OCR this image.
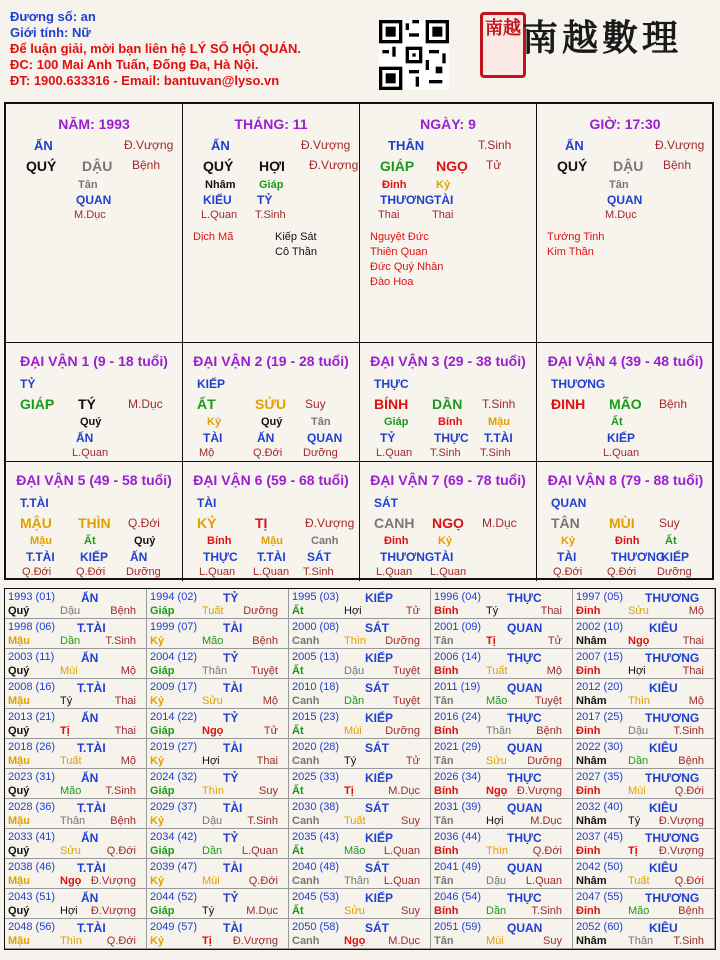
Đương số: an
Giới tính: Nữ
Để luận giải, mời bạn liên hệ LÝ SỐ HỘI QUÁN.
ĐC: 100 Mai Anh Tuấn, Đống Đa, Hà Nội.
ĐT: 1900.633316 - Email: bantuvan@lyso.vn
南越 南越數理
NĂM: 1993
ẤN	Đ.Vượng
QUÝ DẬU Bệnh
Tân
QUAN
M.Dục
THÁNG: 11
ẤN	Đ.Vượng
QUÝ HỢI Đ.Vượng
Nhâm
KIẾU
L.Quan
Giáp
TỶ
T.Sinh
Dịch Mã	Kiếp Sát
Cô Thần
NGÀY: 9
THÂN	T.Sinh
GIÁP NGỌ Tử
Đinh
THƯƠNG
Thai
Kỷ
TÀI
Thai
Nguyệt Đức
Thiên Quan
Đức Quý Nhân
Đào Hoa
GIỜ: 17:30
ẤN	Đ.Vượng
QUÝ DẬU Bệnh
Tân
QUAN
M.Dục
Tướng Tinh
Kim Thần
ĐẠI VẬN 1 (9 - 18 tuổi)
TỶ
GIÁP TÝ	M.Dục
Quý
ẤN
L.Quan
ĐẠI VẬN 2 (19 - 28 tuổi)
KIẾP
ẤT	SỬU Suy
Kỷ
TÀI
Mộ
Quý
ẤN
Q.Đới
Tân
QUAN
Dưỡng
ĐẠI VẬN 3 (29 - 38 tuổi)
THỰC
BÍNH DẦN T.Sinh
Giáp
TỶ
L.Quan
Bính
THỰC
T.Sinh
Mậu
T.TÀI
T.Sinh
ĐẠI VẬN 4 (39 - 48 tuổi)
THƯƠNG
ĐINH MÃO Bệnh
Ất
KIẾP
L.Quan
ĐẠI VẬN 5 (49 - 58 tuổi)
T.TÀI
MẬU THÌN Q.Đới
Mậu
T.TÀI
Q.Đới
Ất
KIẾP
Q.Đới
Quý
ẤN
Dưỡng
ĐẠI VẬN 6 (59 - 68 tuổi)
TÀI
KỶ	TỊ	Đ.Vượng
Bính
THỰC
L.Quan
Mậu
T.TÀI
L.Quan
Canh
SÁT
T.Sinh
ĐẠI VẬN 7 (69 - 78 tuổi)
SÁT
CANH NGỌ M.Dục
Đinh
THƯƠNG
L.Quan
Kỷ
TÀI
L.Quan
ĐẠI VẬN 8 (79 - 88 tuổi)
QUAN
TÂN MÙI Suy
Kỷ
TÀI
Q.Đới
Đinh
THƯƠNG
Q.Đới
Ất
KIẾP
Dưỡng
1993 (01) ẤN
Quý	Dậu	Bệnh
1994 (02) TỶ
Giáp	Tuất Dưỡng
1995 (03) KIẾP
Ất	Hợi	Tử
1996 (04) THỰC
Bính	Tý	Thai
1997 (05) THƯƠNG
Đinh	Sửu	Mộ
1998 (06) T.TÀI
Mậu	Dần T.Sinh
1999 (07) TÀI
Kỷ	Mão	Bệnh
2000 (08) SÁT
Canh Thìn Dưỡng
2001 (09) QUAN
Tân	Tị	Tử
2002 (10) KIÊU
Nhâm Ngọ	Thai
2003 (11) ẤN
Quý	Mùi	Mộ
2004 (12) TỶ
Giáp	Thân Tuyệt
2005 (13) KIẾP
Ất	Dậu	Tuyệt
2006 (14) THỰC
Bính	Tuất	Mộ
2007 (15) THƯƠNG
Đinh	Hợi	Thai
2008 (16) T.TÀI
Mậu	Tý	Thai
2009 (17) TÀI
Kỷ	Sửu	Mộ
2010 (18) SÁT
Canh Dần	Tuyệt
2011 (19) QUAN
Tân	Mão Tuyệt
2012 (20) KIÊU
Nhâm Thìn	Mộ
2013 (21) ẤN
Quý	Tị	Thai
2014 (22) TỶ
Giáp	Ngọ	Tử
2015 (23) KIẾP
Ất	Mùi Dưỡng
2016 (24) THỰC
Bính	Thân Bệnh
2017 (25) THƯƠNG
Đinh	Dậu T.Sinh
2018 (26) T.TÀI
Mậu	Tuất	Mộ
2019 (27) TÀI
Kỷ	Hợi	Thai
2020 (28) SÁT
Canh Tý	Tử
2021 (29) QUAN
Tân	Sửu Dưỡng
2022 (30) KIÊU
Nhâm Dần	Bệnh
2023 (31) ẤN
Quý	Mão T.Sinh
2024 (32) TỶ
Giáp	Thìn	Suy
2025 (33) KIẾP
Ất	Tị	M.Dục
2026 (34) THỰC
Bính	Ngọ Đ.Vượng
2027 (35) THƯƠNG
Đinh	Mùi	Q.Đới
2028 (36) T.TÀI
Mậu	Thân Bệnh
2029 (37) TÀI
Kỷ	Dậu T.Sinh
2030 (38) SÁT
Canh Tuất	Suy
2031 (39) QUAN
Tân	Hợi M.Dục
2032 (40) KIÊU
Nhâm Tý Đ.Vượng
2033 (41) ẤN
Quý	Sửu Q.Đới
2034 (42) TỶ
Giáp	Dần L.Quan
2035 (43) KIẾP
Ất	Mão L.Quan
2036 (44) THỰC
Bính	Thìn Q.Đới
2037 (45) THƯƠNG
Đinh	Tị Đ.Vượng
2038 (46) T.TÀI
Mậu	Ngọ Đ.Vượng
2039 (47) TÀI
Kỷ	Mùi	Q.Đới
2040 (48) SÁT
Canh Thân L.Quan
2041 (49) QUAN
Tân	Dậu L.Quan
2042 (50) KIÊU
Nhâm Tuất Q.Đới
2043 (51) ẤN
Quý	Hợi Đ.Vượng
2044 (52) TỶ
Giáp	Tý	M.Dục
2045 (53) KIẾP
Ất	Sửu	Suy
2046 (54) THỰC
Bính	Dần T.Sinh
2047 (55) THƯƠNG
Đinh	Mão	Bệnh
2048 (56) T.TÀI
Mậu	Thìn Q.Đới
2049 (57) TÀI
Kỷ	Tị Đ.Vượng
2050 (58) SÁT
Canh Ngọ M.Dục
2051 (59) QUAN
Tân	Mùi	Suy
2052 (60) KIÊU
Nhâm Thân T.Sinh
